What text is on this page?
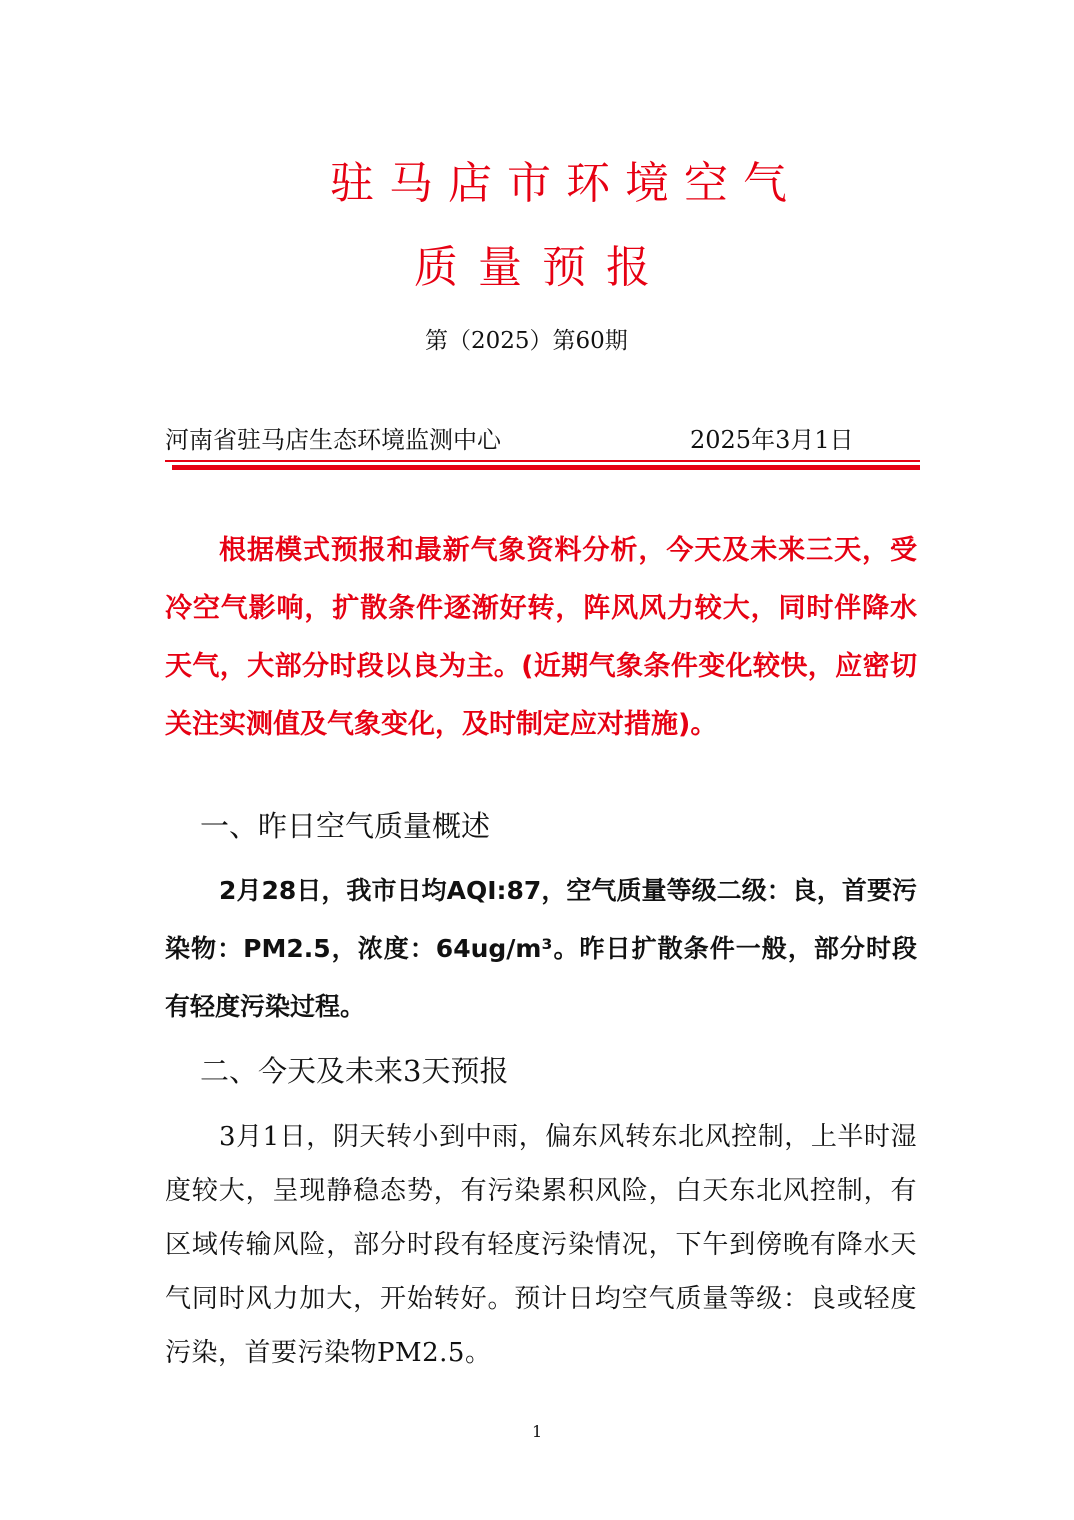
驻马店市环境空气
质量预报
第（2025）第60期
河南省驻马店生态环境监测中心	2025年3月1日

根据模式预报和最新气象资料分析，今天及未来三天，受冷空气影响，扩散条件逐渐好转，阵风风力较大，同时伴降水天气，大部分时段以良为主。(近期气象条件变化较快，应密切关注实测值及气象变化，及时制定应对措施)。

一、昨日空气质量概述

2月28日，我市日均AQI:87，空气质量等级二级：良，首要污染物：PM2.5，浓度：64ug/m³。昨日扩散条件一般，部分时段有轻度污染过程。

二、今天及未来3天预报

3月1日，阴天转小到中雨，偏东风转东北风控制，上半时湿度较大，呈现静稳态势，有污染累积风险，白天东北风控制，有区域传输风险，部分时段有轻度污染情况，下午到傍晚有降水天气同时风力加大，开始转好。预计日均空气质量等级：良或轻度污染，首要污染物PM2.5。

1
